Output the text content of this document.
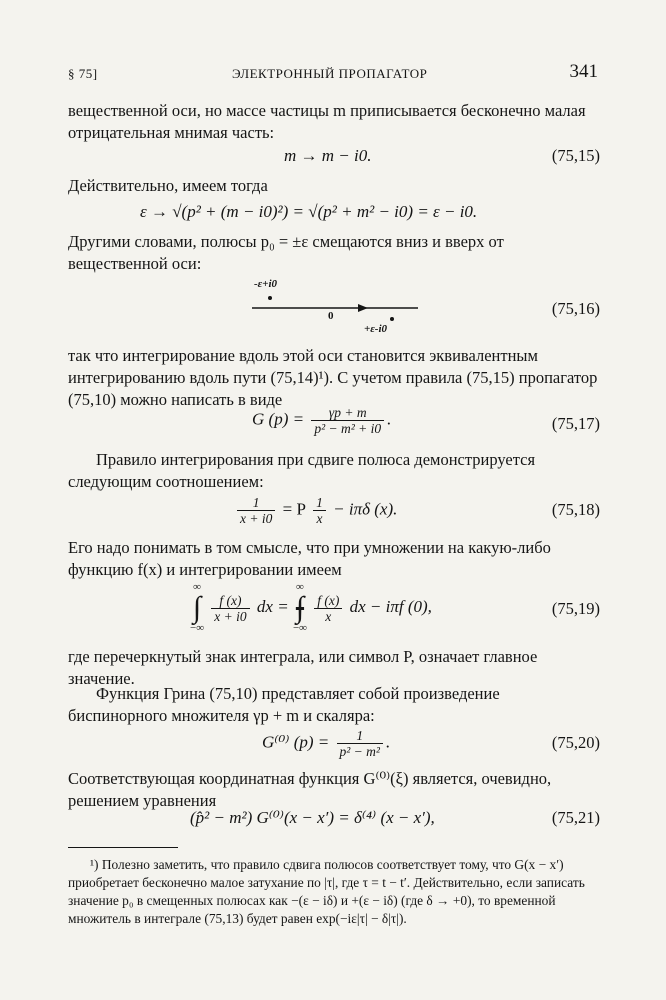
§ 75]	ЭЛЕКТРОННЫЙ ПРОПАГАТОР	341

вещественной оси, но массе частицы m приписывается бесконечно малая отрицательная мнимая часть:

m → m − i0.	(75,15)

Действительно, имеем тогда

ε → √(p² + (m − i0)²) = √(p² + m² − i0) = ε − i0.

Другими словами, полюсы p₀ = ±ε смещаются вниз и вверх от вещественной оси:

-ε+i0
0
+ε-i0
(75,16)

так что интегрирование вдоль этой оси становится эквивалентным интегрированию вдоль пути (75,14)¹). С учетом правила (75,15) пропагатор (75,10) можно написать в виде

G $(p) = \frac{\gamma p + m}{\text{p² − m² + i0}}$ .	(75,17)

Правило интегрирования при сдвиге полюса демонстрируется следующим соотношением:

$\frac{1}{x + i0} = P \frac{1}{x} - i\pi\delta$ (x).	(75,18)

Его надо понимать в том смысле, что при умножении на какую-либо функцию f(x) и интегрировании имеем

∞
∫
−∞
$\frac{f (x)}{x + i0}$ dx = ∞
∫
−∞
$\frac{f (x)}{x}$ dx − iπf (0),	(75,19)

где перечеркнутый знак интеграла, или символ P, означает главное значение.

Функция Грина (75,10) представляет собой произведение биспинорного множителя γp + m и скаляра:

G⁽⁰⁾ $(p) = \frac{1}{\text{p² − m²}}$ .	(75,20)

Соответствующая координатная функция G⁽⁰⁾(ξ) является, очевидно, решением уравнения

(p̂² − m²) G⁽⁰⁾(x − x′) = δ⁽⁴⁾ (x − x′),	(75,21)

¹) Полезно заметить, что правило сдвига полюсов соответствует тому, что G(x − x′) приобретает бесконечно малое затухание по |τ|, где τ = t − t′. Действительно, если записать значение p₀ в смещенных полюсах как −(ε − iδ) и +(ε − iδ) (где δ → +0), то временной множитель в интеграле (75,13) будет равен exp(−iε|τ| − δ|τ|).
